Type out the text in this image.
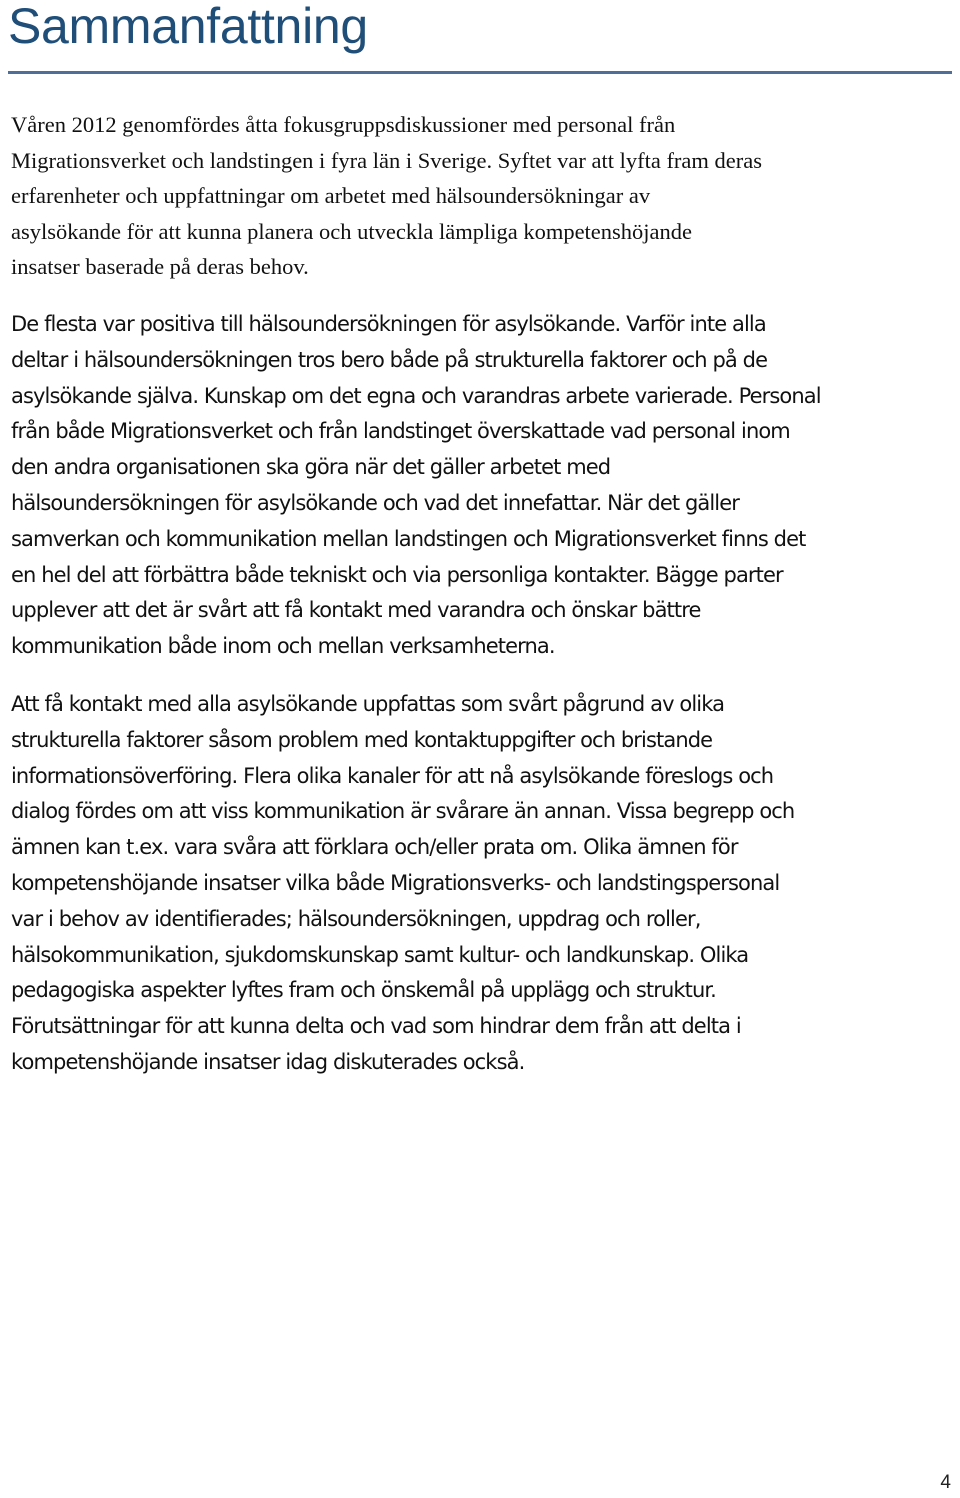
Sammanfattning

Våren 2012 genomfördes åtta fokusgruppsdiskussioner med personal från
Migrationsverket och landstingen i fyra län i Sverige. Syftet var att lyfta fram deras
erfarenheter och uppfattningar om arbetet med hälsoundersökningar av
asylsökande för att kunna planera och utveckla lämpliga kompetenshöjande
insatser baserade på deras behov.

De flesta var positiva till hälsoundersökningen för asylsökande. Varför inte alla
deltar i hälsoundersökningen tros bero både på strukturella faktorer och på de
asylsökande själva. Kunskap om det egna och varandras arbete varierade. Personal
från både Migrationsverket och från landstinget överskattade vad personal inom
den andra organisationen ska göra när det gäller arbetet med
hälsoundersökningen för asylsökande och vad det innefattar. När det gäller
samverkan och kommunikation mellan landstingen och Migrationsverket finns det
en hel del att förbättra både tekniskt och via personliga kontakter. Bägge parter
upplever att det är svårt att få kontakt med varandra och önskar bättre
kommunikation både inom och mellan verksamheterna.

Att få kontakt med alla asylsökande uppfattas som svårt pågrund av olika
strukturella faktorer såsom problem med kontaktuppgifter och bristande
informationsöverföring. Flera olika kanaler för att nå asylsökande föreslogs och
dialog fördes om att viss kommunikation är svårare än annan. Vissa begrepp och
ämnen kan t.ex. vara svåra att förklara och/eller prata om. Olika ämnen för
kompetenshöjande insatser vilka både Migrationsverks- och landstingspersonal
var i behov av identifierades; hälsoundersökningen, uppdrag och roller,
hälsokommunikation, sjukdomskunskap samt kultur- och landkunskap. Olika
pedagogiska aspekter lyftes fram och önskemål på upplägg och struktur.
Förutsättningar för att kunna delta och vad som hindrar dem från att delta i
kompetenshöjande insatser idag diskuterades också.

4
